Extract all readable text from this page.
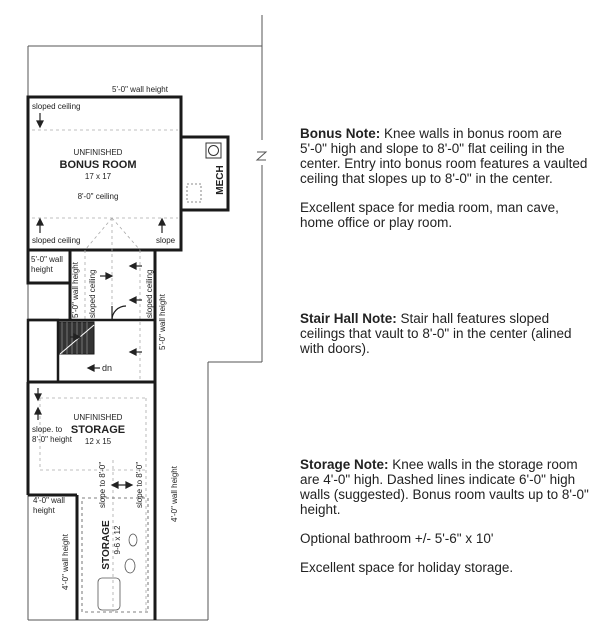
5'-0" wall height
sloped ceiling
sloped ceiling	slope
UNFINISHED
BONUS ROOM
17 x 17
8'-0" ceiling
MECH
5'-0" wall
height 5'-0" wall height sloped ceiling	sloped ceiling
5'-0" wall height
dn
UNFINISHED
STORAGE
12 x 15
slope. to
8'-0" height
slope to 8'-0"	slope to 8'-0"	4'-0" wall height
4'-0" wall
height
4'-0" wall height	STORAGE 9-6 x 12

Bonus Note: Knee walls in bonus room are 5'-0" high and slope to 8'-0" flat ceiling in the center. Entry into bonus room features a vaulted ceiling that slopes up to 8'-0" in the center.

Excellent space for media room, man cave, home office or play room.

Stair Hall Note: Stair hall features sloped ceilings that vault to 8'-0" in the center (alined with doors).

Storage Note: Knee walls in the storage room are 4'-0" high. Dashed lines indicate 6'-0" high walls (suggested). Bonus room vaults up to 8'-0" height.

Optional bathroom +/- 5'-6" x 10'

Excellent space for holiday storage.
